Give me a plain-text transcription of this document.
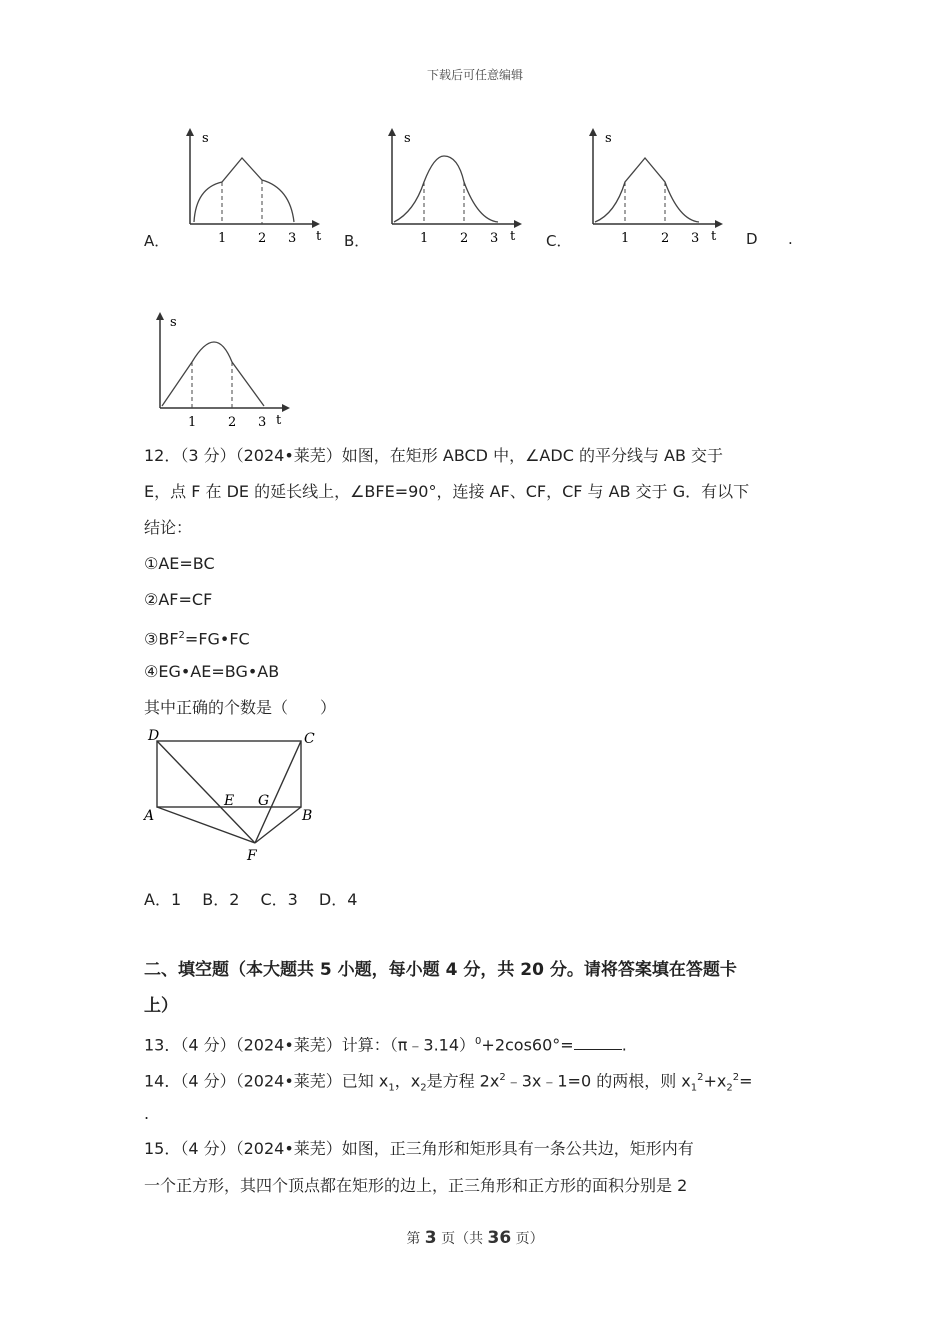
下载后可任意编辑
s
t
1 2 3
A．
s
t
1 2 3
B．
s
t
1 2 3
C．	D .
s
t
1 2 3
12．（3 分）（2024•莱芜）如图，在矩形 ABCD 中，∠ADC 的平分线与 AB 交于
E，点 F 在 DE 的延长线上，∠BFE=90°，连接 AF、CF，CF 与 AB 交于 G．有以下
结论：
①AE=BC
②AF=CF
$③BF^2=FG•FC$
④EG•AE=BG•AB
其中正确的个数是（　　）
D	C
A	B
E G
F
A．1　 B．2　 C．3　 D．4
二、填空题（本大题共 5 小题，每小题 4 分，共 20 分。请将答案填在答题卡
上）
13．（4 分）（2024•莱芜）计算：（π﹣3.14）$^0$+2cos60°=	.
14．（4 分）（2024•莱芜）已知 $x_1$，$x_2$是方程 $2x^2﹣3x﹣1=0$ 的两根，则 $x_1^2+x_2^2=$
.
15．（4 分）（2024•莱芜）如图，正三角形和矩形具有一条公共边，矩形内有
一个正方形，其四个顶点都在矩形的边上，正三角形和正方形的面积分别是 2
第 3 页（共 36 页）
